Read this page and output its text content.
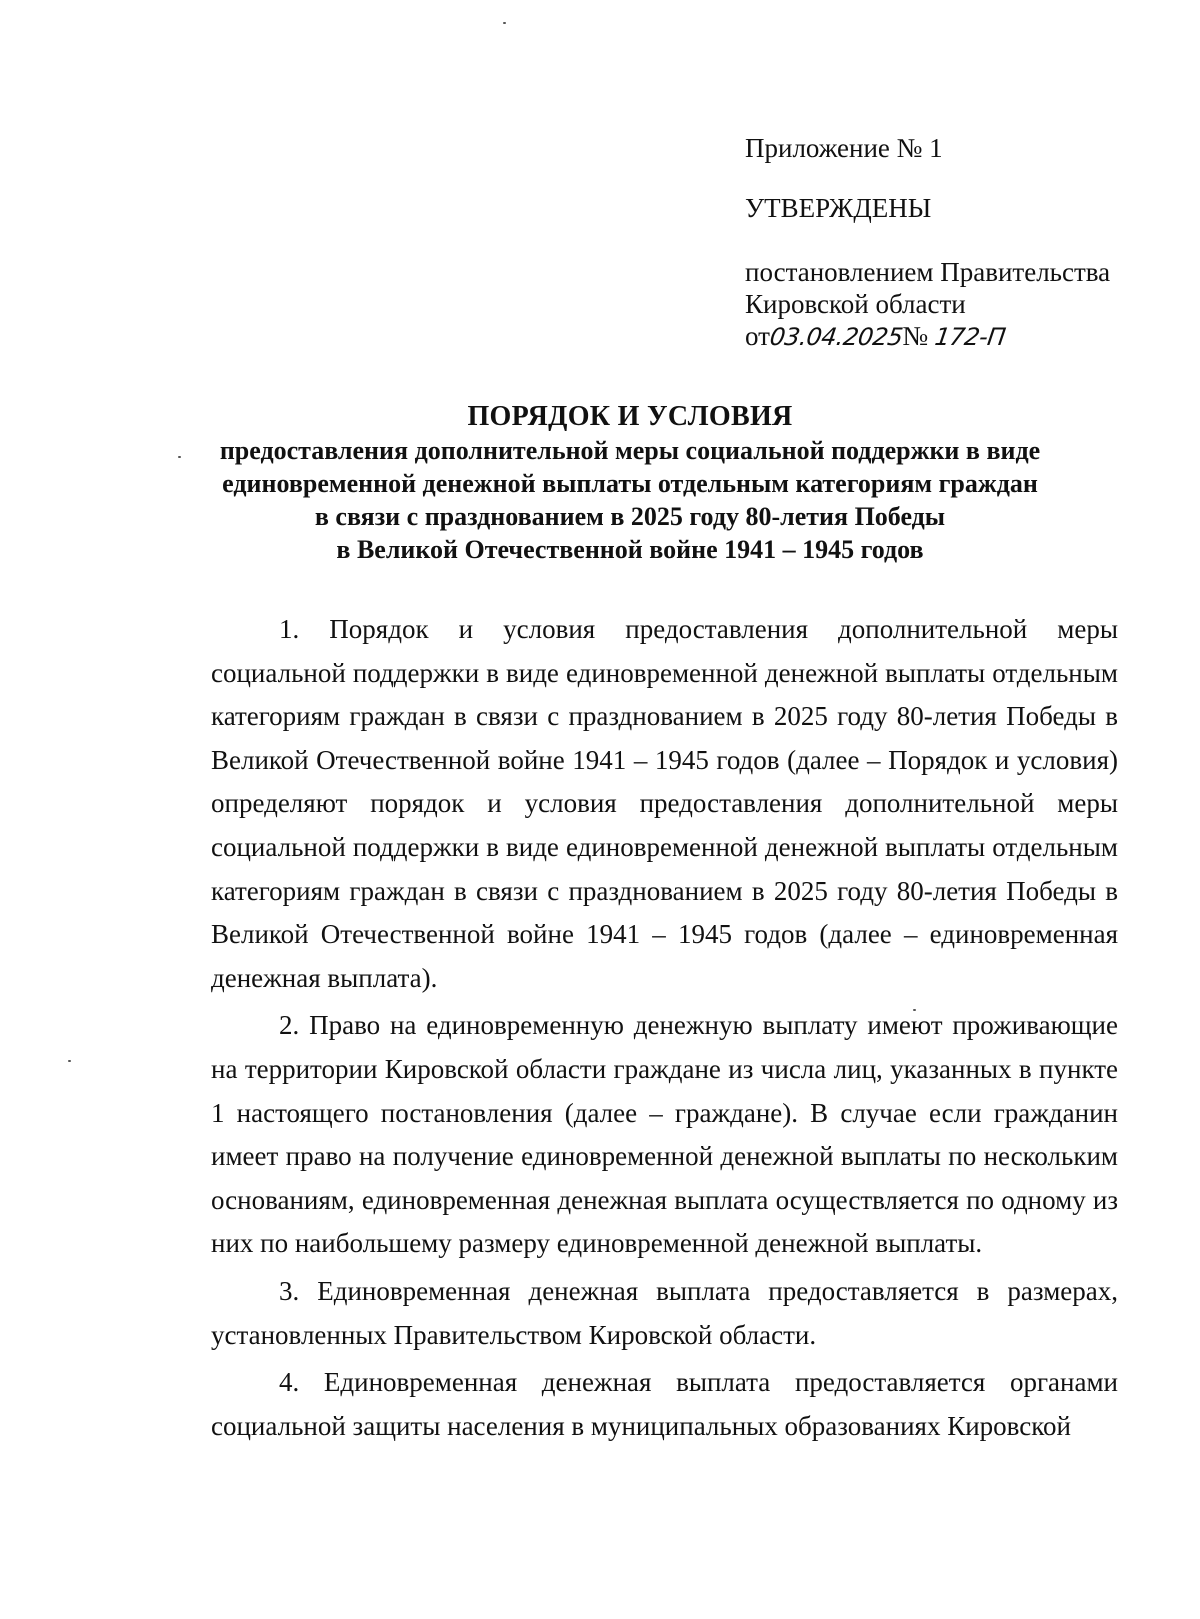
Приложение № 1
УТВЕРЖДЕНЫ
постановлением Правительства
Кировской области
от03.04.2025№ 172-П
ПОРЯДОК И УСЛОВИЯ
предоставления дополнительной меры социальной поддержки в виде
единовременной денежной выплаты отдельным категориям граждан
в связи с празднованием в 2025 году 80-летия Победы
в Великой Отечественной войне 1941 – 1945 годов

1. Порядок и условия предоставления дополнительной меры социальной поддержки в виде единовременной денежной выплаты отдельным категориям граждан в связи с празднованием в 2025 году 80-летия Победы в Великой Отечественной войне 1941 – 1945 годов (далее – Порядок и условия) определяют порядок и условия предоставления дополнительной меры социальной поддержки в виде единовременной денежной выплаты отдельным категориям граждан в связи с празднованием в 2025 году 80-летия Победы в Великой Отечественной войне 1941 – 1945 годов (далее – единовременная денежная выплата).

2. Право на единовременную денежную выплату имеют проживающие на территории Кировской области граждане из числа лиц, указанных в пункте 1 настоящего постановления (далее – граждане). В случае если гражданин имеет право на получение единовременной денежной выплаты по нескольким основаниям, единовременная денежная выплата осуществляется по одному из них по наибольшему размеру единовременной денежной выплаты.

3. Единовременная денежная выплата предоставляется в размерах, установленных Правительством Кировской области.

4. Единовременная денежная выплата предоставляется органами социальной защиты населения в муниципальных образованиях Кировской
